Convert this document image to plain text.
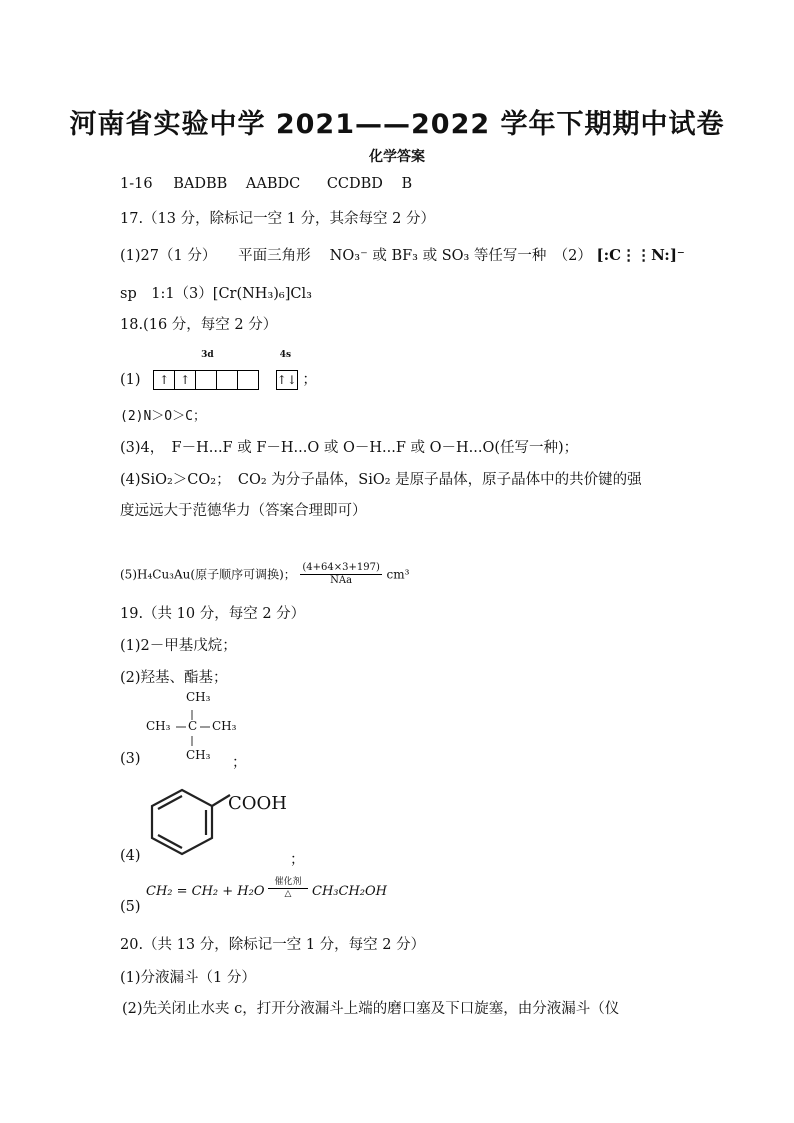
河南省实验中学 2021——2022 学年下期期中试卷
化学答案
1-16 BADBB AABDC CCDBD B
17.（13 分，除标记一空 1 分，其余每空 2 分）
(1)27（1 分）　　平面三角形　 NO₃⁻ 或 BF₃ 或 SO₃ 等任写一种　（2） [:C⋮⋮N:]⁻
sp　1:1（3）[Cr(NH₃)₆]Cl₃
18.(16 分，每空 2 分）
(1)
3d
↑ ↑
4s
↑↓ ；
(2)N＞O＞C；
(3)4，　F－H...F 或 F－H...O 或 O－H...F 或 O－H...O(任写一种)；
(4)SiO₂＞CO₂；　CO₂ 为分子晶体，SiO₂ 是原子晶体，原子晶体中的共价键的强
度远远大于范德华力（答案合理即可）
(5)H₄Cu₃Au(原子顺序可调换)； $\frac{(4+64\times 3+197)}{\text{NAa}} cm^3$
19.（共 10 分，每空 2 分）
(1)2－甲基戊烷；
(2)羟基、酯基；
CH₃
CH₃ C CH₃
CH₃
(3)	；
COOH
(4)	；
CH₂ = CH₂ + H₂O
催化剂
△	CH₃CH₂OH
(5)
20.（共 13 分，除标记一空 1 分，每空 2 分）
(1)分液漏斗（1 分）
(2)先关闭止水夹 c，打开分液漏斗上端的磨口塞及下口旋塞，由分液漏斗（仪
